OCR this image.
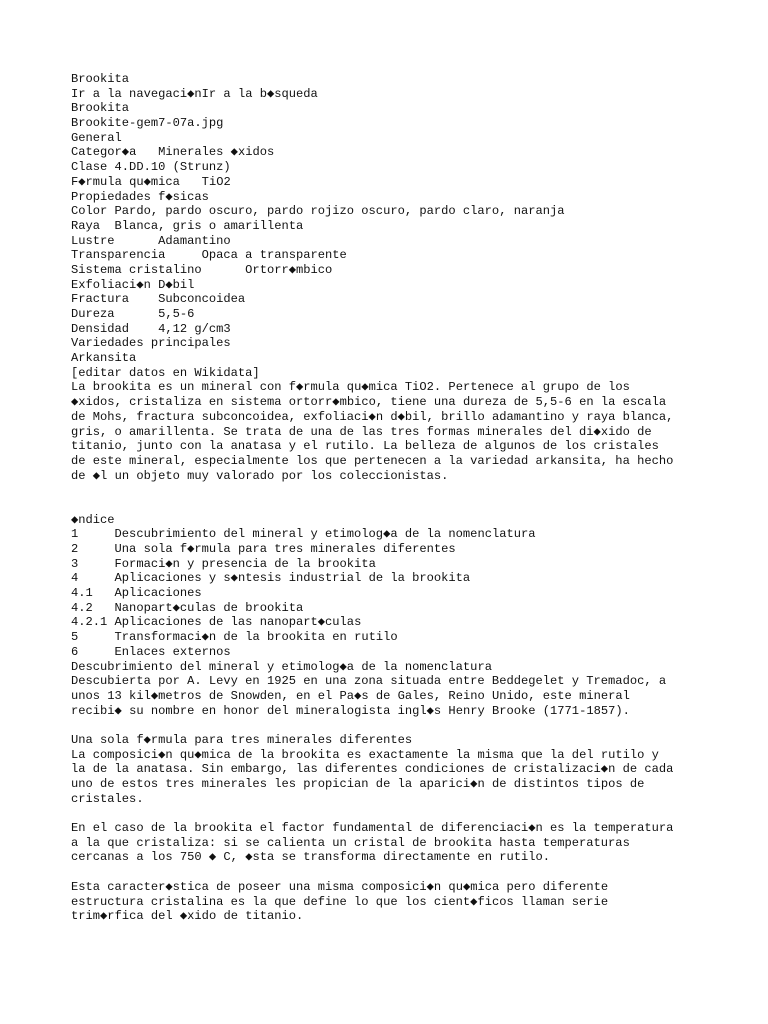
Brookita
Ir a la navegaci◆nIr a la b◆squeda
Brookita
Brookite-gem7-07a.jpg
General
Categor◆a   Minerales ◆xidos
Clase 4.DD.10 (Strunz)
F◆rmula qu◆mica   TiO2
Propiedades f◆sicas
Color Pardo, pardo oscuro, pardo rojizo oscuro, pardo claro, naranja
Raya  Blanca, gris o amarillenta
Lustre      Adamantino
Transparencia     Opaca a transparente
Sistema cristalino      Ortorr◆mbico
Exfoliaci◆n D◆bil
Fractura    Subconcoidea
Dureza      5,5-6
Densidad    4,12 g/cm3
Variedades principales
Arkansita
[editar datos en Wikidata]
La brookita es un mineral con f◆rmula qu◆mica TiO2. Pertenece al grupo de los
◆xidos, cristaliza en sistema ortorr◆mbico, tiene una dureza de 5,5-6 en la escala
de Mohs, fractura subconcoidea, exfoliaci◆n d◆bil, brillo adamantino y raya blanca,
gris, o amarillenta. Se trata de una de las tres formas minerales del di◆xido de
titanio, junto con la anatasa y el rutilo. La belleza de algunos de los cristales
de este mineral, especialmente los que pertenecen a la variedad arkansita, ha hecho
de ◆l un objeto muy valorado por los coleccionistas.
◆ndice
1     Descubrimiento del mineral y etimolog◆a de la nomenclatura
2     Una sola f◆rmula para tres minerales diferentes
3     Formaci◆n y presencia de la brookita
4     Aplicaciones y s◆ntesis industrial de la brookita
4.1   Aplicaciones
4.2   Nanopart◆culas de brookita
4.2.1 Aplicaciones de las nanopart◆culas
5     Transformaci◆n de la brookita en rutilo
6     Enlaces externos
Descubrimiento del mineral y etimolog◆a de la nomenclatura
Descubierta por A. Levy en 1925 en una zona situada entre Beddegelet y Tremadoc, a
unos 13 kil◆metros de Snowden, en el Pa◆s de Gales, Reino Unido, este mineral
recibi◆ su nombre en honor del mineralogista ingl◆s Henry Brooke (1771-1857).
Una sola f◆rmula para tres minerales diferentes
La composici◆n qu◆mica de la brookita es exactamente la misma que la del rutilo y
la de la anatasa. Sin embargo, las diferentes condiciones de cristalizaci◆n de cada
uno de estos tres minerales les propician de la aparici◆n de distintos tipos de
cristales.
En el caso de la brookita el factor fundamental de diferenciaci◆n es la temperatura
a la que cristaliza: si se calienta un cristal de brookita hasta temperaturas
cercanas a los 750 ◆ C, ◆sta se transforma directamente en rutilo.
Esta caracter◆stica de poseer una misma composici◆n qu◆mica pero diferente
estructura cristalina es la que define lo que los cient◆ficos llaman serie
trim◆rfica del ◆xido de titanio.
